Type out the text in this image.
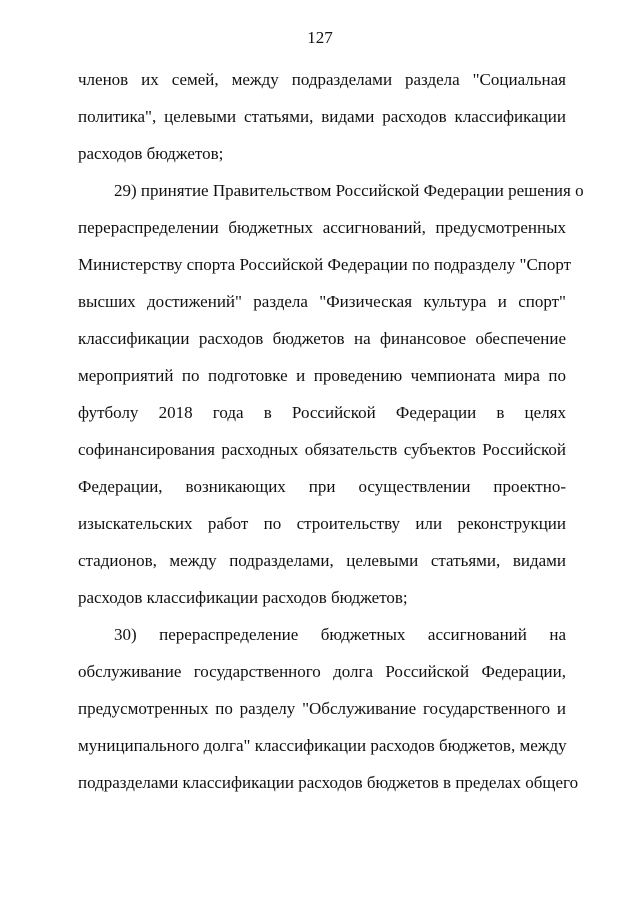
127
членов их семей, между подразделами раздела "Социальная
политика", целевыми статьями, видами расходов классификации
расходов бюджетов;
29) принятие Правительством Российской Федерации решения о
перераспределении бюджетных ассигнований, предусмотренных
Министерству спорта Российской Федерации по подразделу "Спорт
высших достижений" раздела "Физическая культура и спорт"
классификации расходов бюджетов на финансовое обеспечение
мероприятий по подготовке и проведению чемпионата мира по
футболу 2018 года в Российской Федерации в целях
софинансирования расходных обязательств субъектов Российской
Федерации, возникающих при осуществлении проектно-
изыскательских работ по строительству или реконструкции
стадионов, между подразделами, целевыми статьями, видами
расходов классификации расходов бюджетов;
30) перераспределение бюджетных ассигнований на
обслуживание государственного долга Российской Федерации,
предусмотренных по разделу "Обслуживание государственного и
муниципального долга" классификации расходов бюджетов, между
подразделами классификации расходов бюджетов в пределах общего
